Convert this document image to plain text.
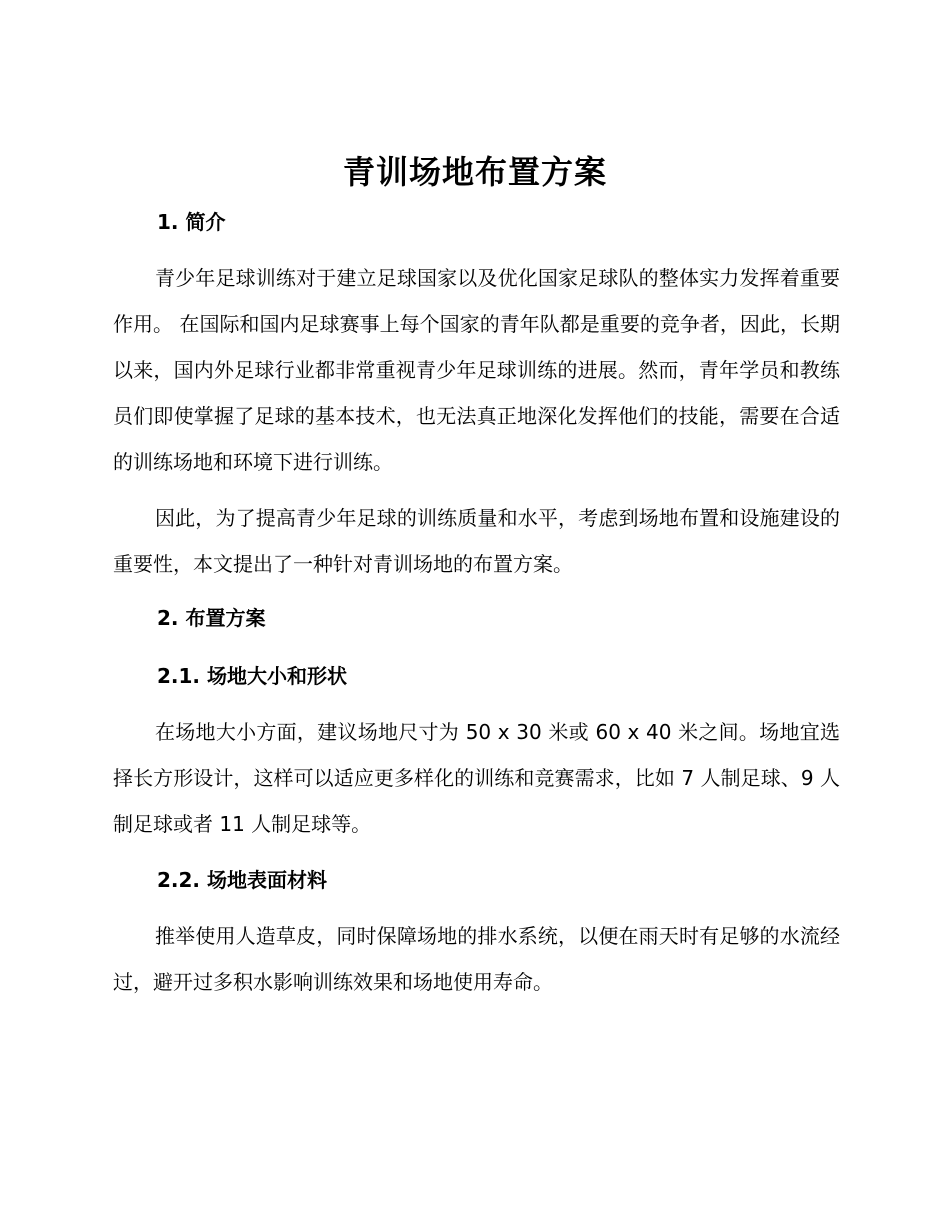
青训场地布置方案
1. 简介

青少年足球训练对于建立足球国家以及优化国家足球队的整体实力发挥着重要作用。 在国际和国内足球赛事上每个国家的青年队都是重要的竞争者，因此，长期以来，国内外足球行业都非常重视青少年足球训练的进展。然而，青年学员和教练员们即使掌握了足球的基本技术，也无法真正地深化发挥他们的技能，需要在合适的训练场地和环境下进行训练。

因此，为了提高青少年足球的训练质量和水平，考虑到场地布置和设施建设的重要性，本文提出了一种针对青训场地的布置方案。

2. 布置方案
2.1. 场地大小和形状

在场地大小方面，建议场地尺寸为 50 x 30 米或 60 x 40 米之间。场地宜选择长方形设计，这样可以适应更多样化的训练和竞赛需求，比如 7 人制足球、9 人制足球或者 11 人制足球等。

2.2. 场地表面材料

推举使用人造草皮，同时保障场地的排水系统，以便在雨天时有足够的水流经过，避开过多积水影响训练效果和场地使用寿命。
